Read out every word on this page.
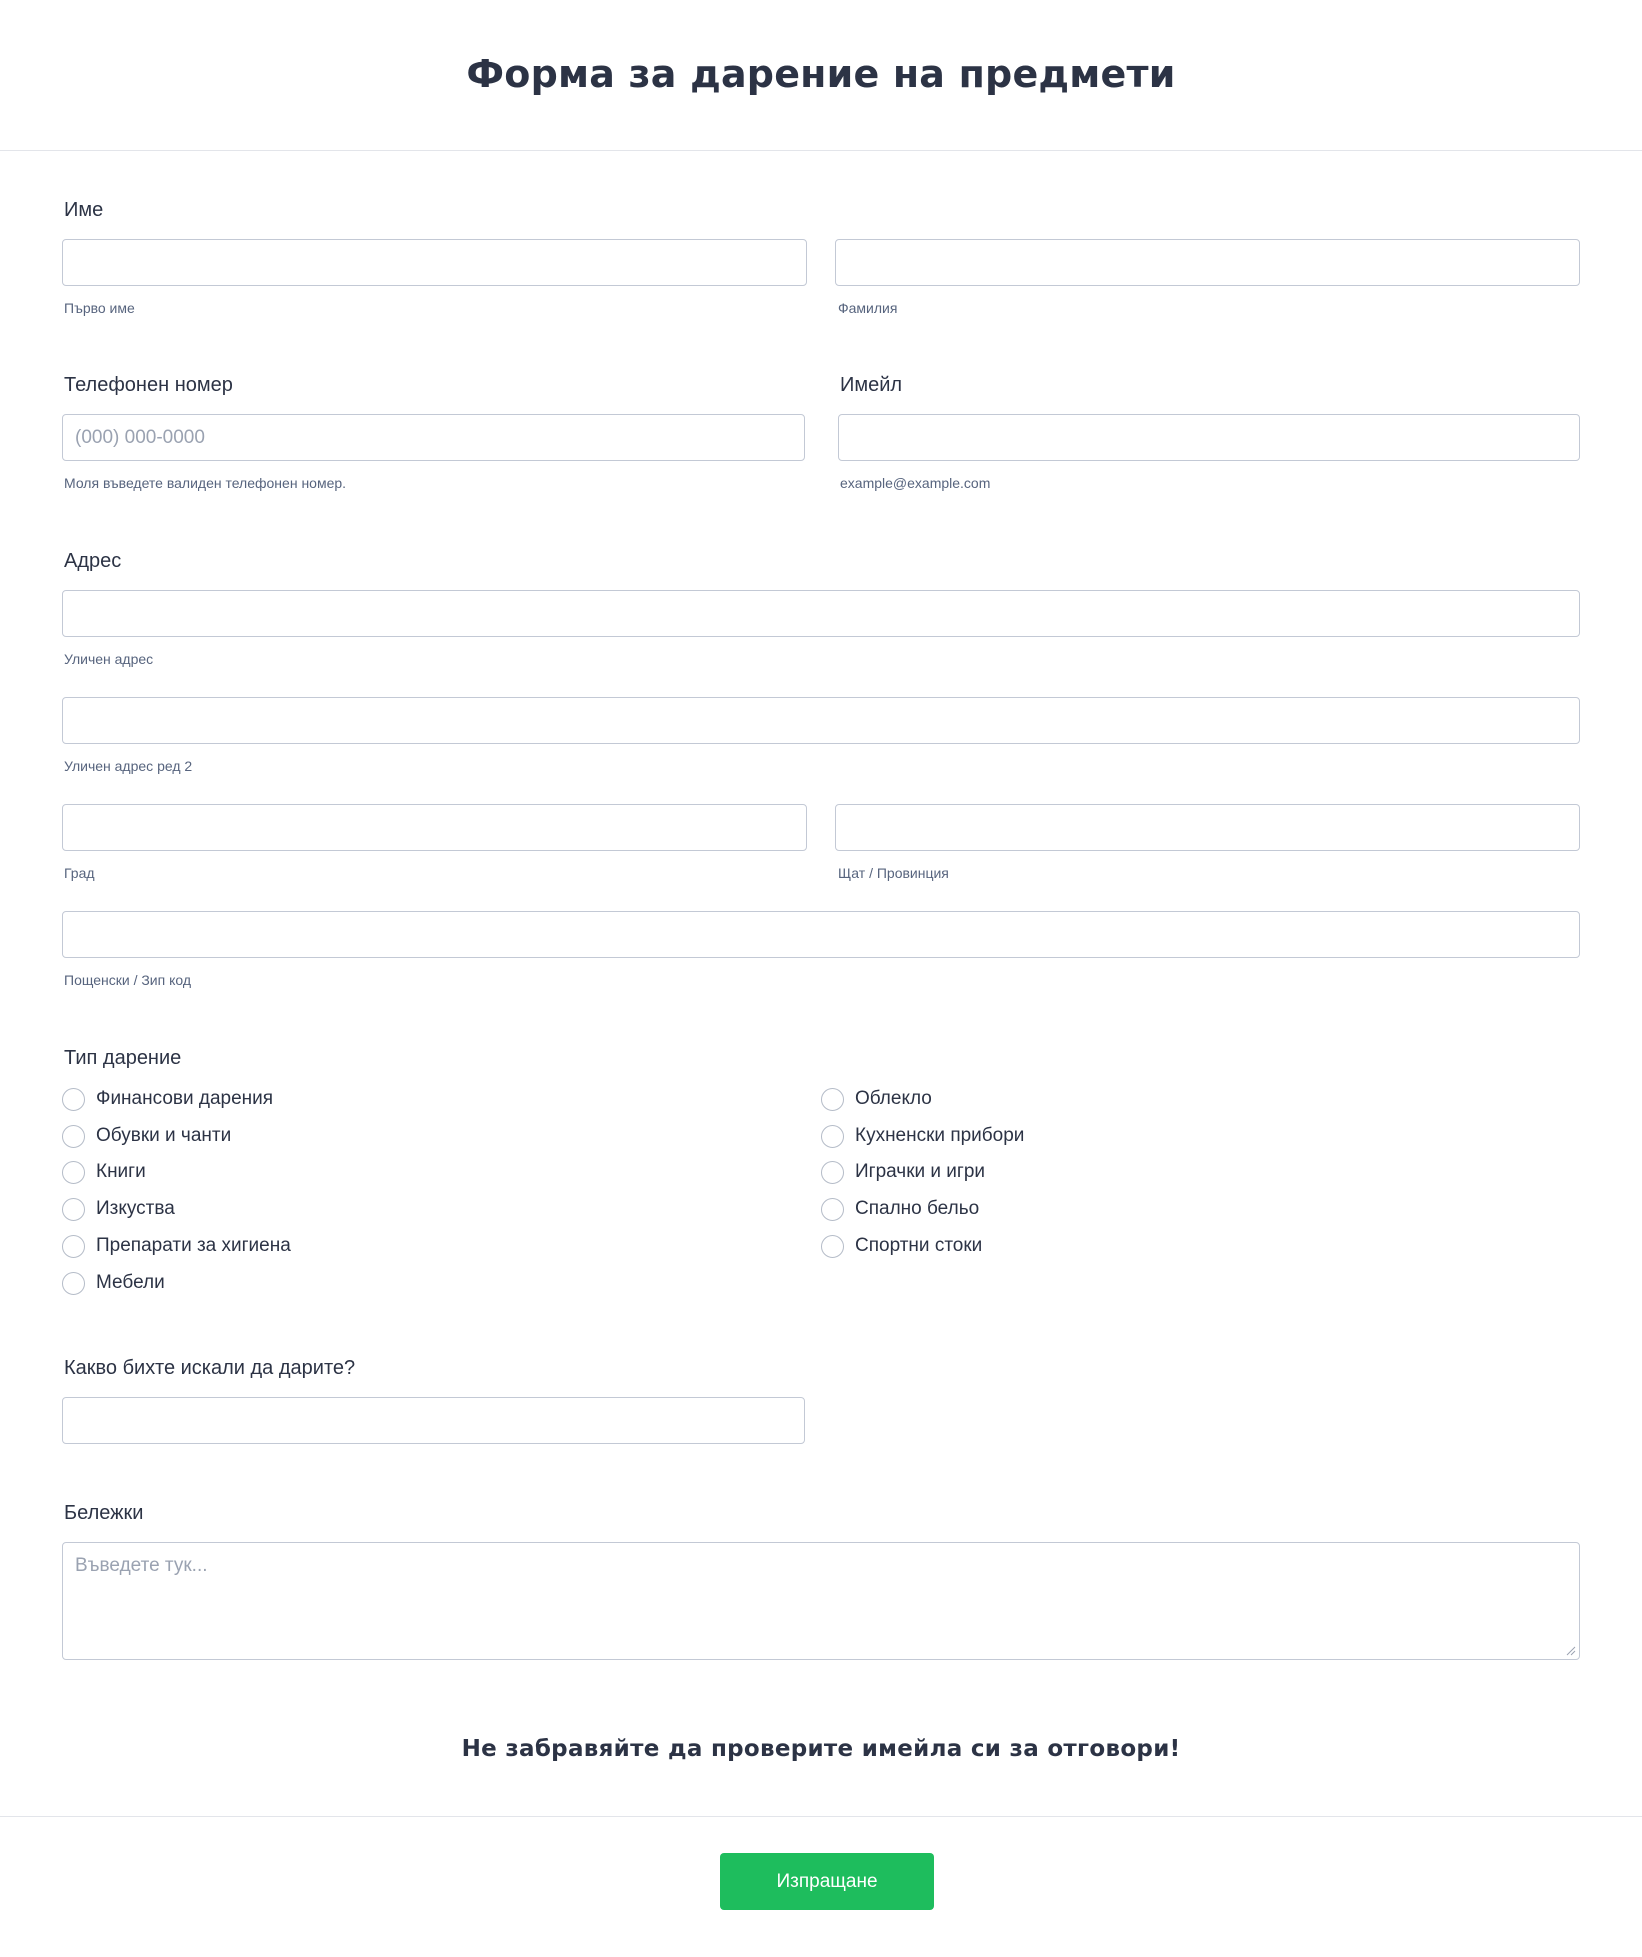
Форма за дарение на предмети
Име
Първо име	Фамилия
Телефонен номер
(000) 000-0000
Моля въведете валиден телефонен номер.
Имейл
example@example.com
Адрес
Уличен адрес
Уличен адрес ред 2
Град	Щат / Провинция
Пощенски / Зип код
Тип дарение
Финансови дарения
Обувки и чанти
Книги
Изкуства
Препарати за хигиена
Мебели
Облекло
Кухненски прибори
Играчки и игри
Спално бельо
Спортни стоки
Какво бихте искали да дарите?
Бележки
Въведете тук...
Не забравяйте да проверите имейла си за отговори!
Изпращане
